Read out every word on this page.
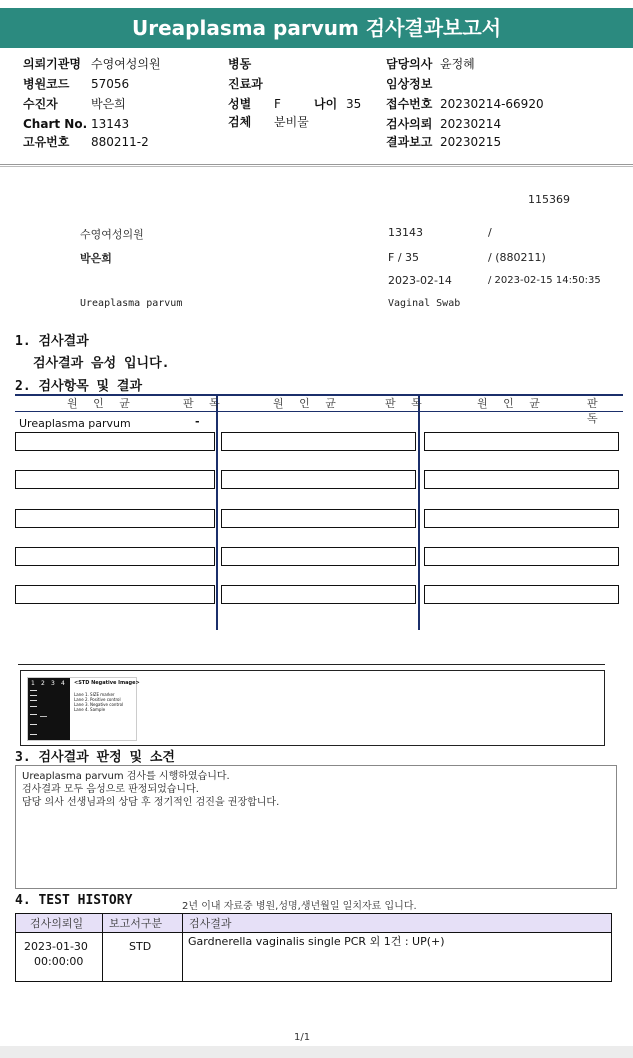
Ureaplasma parvum 검사결과보고서
의뢰기관명 수영여성의원	병동	담당의사 윤정혜
병원코드 57056	진료과	임상정보
수진자	박은희	성별 F	나이 35 접수번호 20230214-66920
Chart No. 13143	검체 분비물	검사의뢰 20230214
고유번호 880211-2	결과보고 20230215
115369
수영여성의원	13143	/
박은희	F / 35	/ (880211)
2023-02-14	/ 2023-02-15 14:50:35
Ureaplasma parvum	Vaginal Swab
1. 검사결과
검사결과 음성 입니다.
2. 검사항목 및 결과
원 인 균	판 독	원 인 균	판 독	원 인 균	판 독
Ureaplasma parvum	-
1 2 3 4 <STD Negative Image>
Lane 1. SIZE marker
Lane 2. Positive control
Lane 3. Negative control
Lane 4. Sample
3. 검사결과 판정 및 소견
Ureaplasma parvum 검사를 시행하였습니다.
검사결과 모두 음성으로 판정되었습니다.
담당 의사 선생님과의 상담 후 정기적인 검진을 권장합니다.
4. TEST HISTORY	2년 이내 자료중 병원,성명,생년월일 일치자료 입니다.
검사의뢰일 보고서구분 검사결과
2023-01-30
00:00:00
STD	Gardnerella vaginalis single PCR 외 1건 : UP(+)
1/1
